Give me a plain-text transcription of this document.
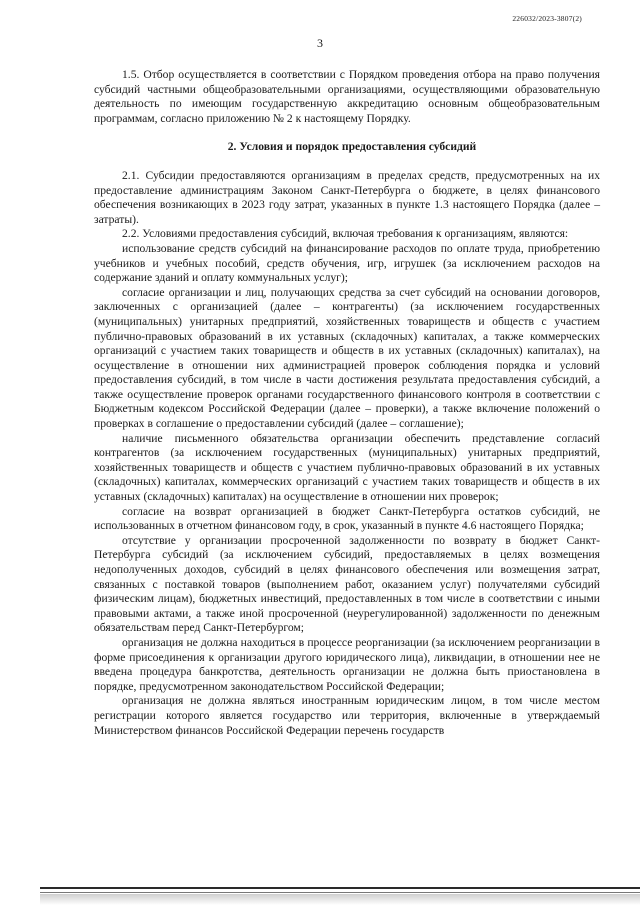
226032/2023-3807(2)
3

1.5. Отбор осуществляется в соответствии с Порядком проведения отбора на право получения субсидий частными общеобразовательными организациями, осуществляющими образовательную деятельность по имеющим государственную аккредитацию основным общеобразовательным программам, согласно приложению № 2 к настоящему Порядку.

2. Условия и порядок предоставления субсидий

2.1. Субсидии предоставляются организациям в пределах средств, предусмотренных на их предоставление администрациям Законом Санкт-Петербурга о бюджете, в целях финансового обеспечения возникающих в 2023 году затрат, указанных в пункте 1.3 настоящего Порядка (далее – затраты).

2.2. Условиями предоставления субсидий, включая требования к организациям, являются:

использование средств субсидий на финансирование расходов по оплате труда, приобретению учебников и учебных пособий, средств обучения, игр, игрушек (за исключением расходов на содержание зданий и оплату коммунальных услуг);

согласие организации и лиц, получающих средства за счет субсидий на основании договоров, заключенных с организацией (далее – контрагенты) (за исключением государственных (муниципальных) унитарных предприятий, хозяйственных товариществ и обществ с участием публично-правовых образований в их уставных (складочных) капиталах, а также коммерческих организаций с участием таких товариществ и обществ в их уставных (складочных) капиталах), на осуществление в отношении них администрацией проверок соблюдения порядка и условий предоставления субсидий, в том числе в части достижения результата предоставления субсидий, а также осуществление проверок органами государственного финансового контроля в соответствии с Бюджетным кодексом Российской Федерации (далее – проверки), а также включение положений о проверках в соглашение о предоставлении субсидий (далее – соглашение);

наличие письменного обязательства организации обеспечить представление согласий контрагентов (за исключением государственных (муниципальных) унитарных предприятий, хозяйственных товариществ и обществ с участием публично-правовых образований в их уставных (складочных) капиталах, коммерческих организаций с участием таких товариществ и обществ в их уставных (складочных) капиталах) на осуществление в отношении них проверок;

согласие на возврат организацией в бюджет Санкт-Петербурга остатков субсидий, не использованных в отчетном финансовом году, в срок, указанный в пункте 4.6 настоящего Порядка;

отсутствие у организации просроченной задолженности по возврату в бюджет Санкт-Петербурга субсидий (за исключением субсидий, предоставляемых в целях возмещения недополученных доходов, субсидий в целях финансового обеспечения или возмещения затрат, связанных с поставкой товаров (выполнением работ, оказанием услуг) получателями субсидий физическим лицам), бюджетных инвестиций, предоставленных в том числе в соответствии с иными правовыми актами, а также иной просроченной (неурегулированной) задолженности по денежным обязательствам перед Санкт-Петербургом;

организация не должна находиться в процессе реорганизации (за исключением реорганизации в форме присоединения к организации другого юридического лица), ликвидации, в отношении нее не введена процедура банкротства, деятельность организации не должна быть приостановлена в порядке, предусмотренном законодательством Российской Федерации;

организация не должна являться иностранным юридическим лицом, в том числе местом регистрации которого является государство или территория, включенные в утверждаемый Министерством финансов Российской Федерации перечень государств
